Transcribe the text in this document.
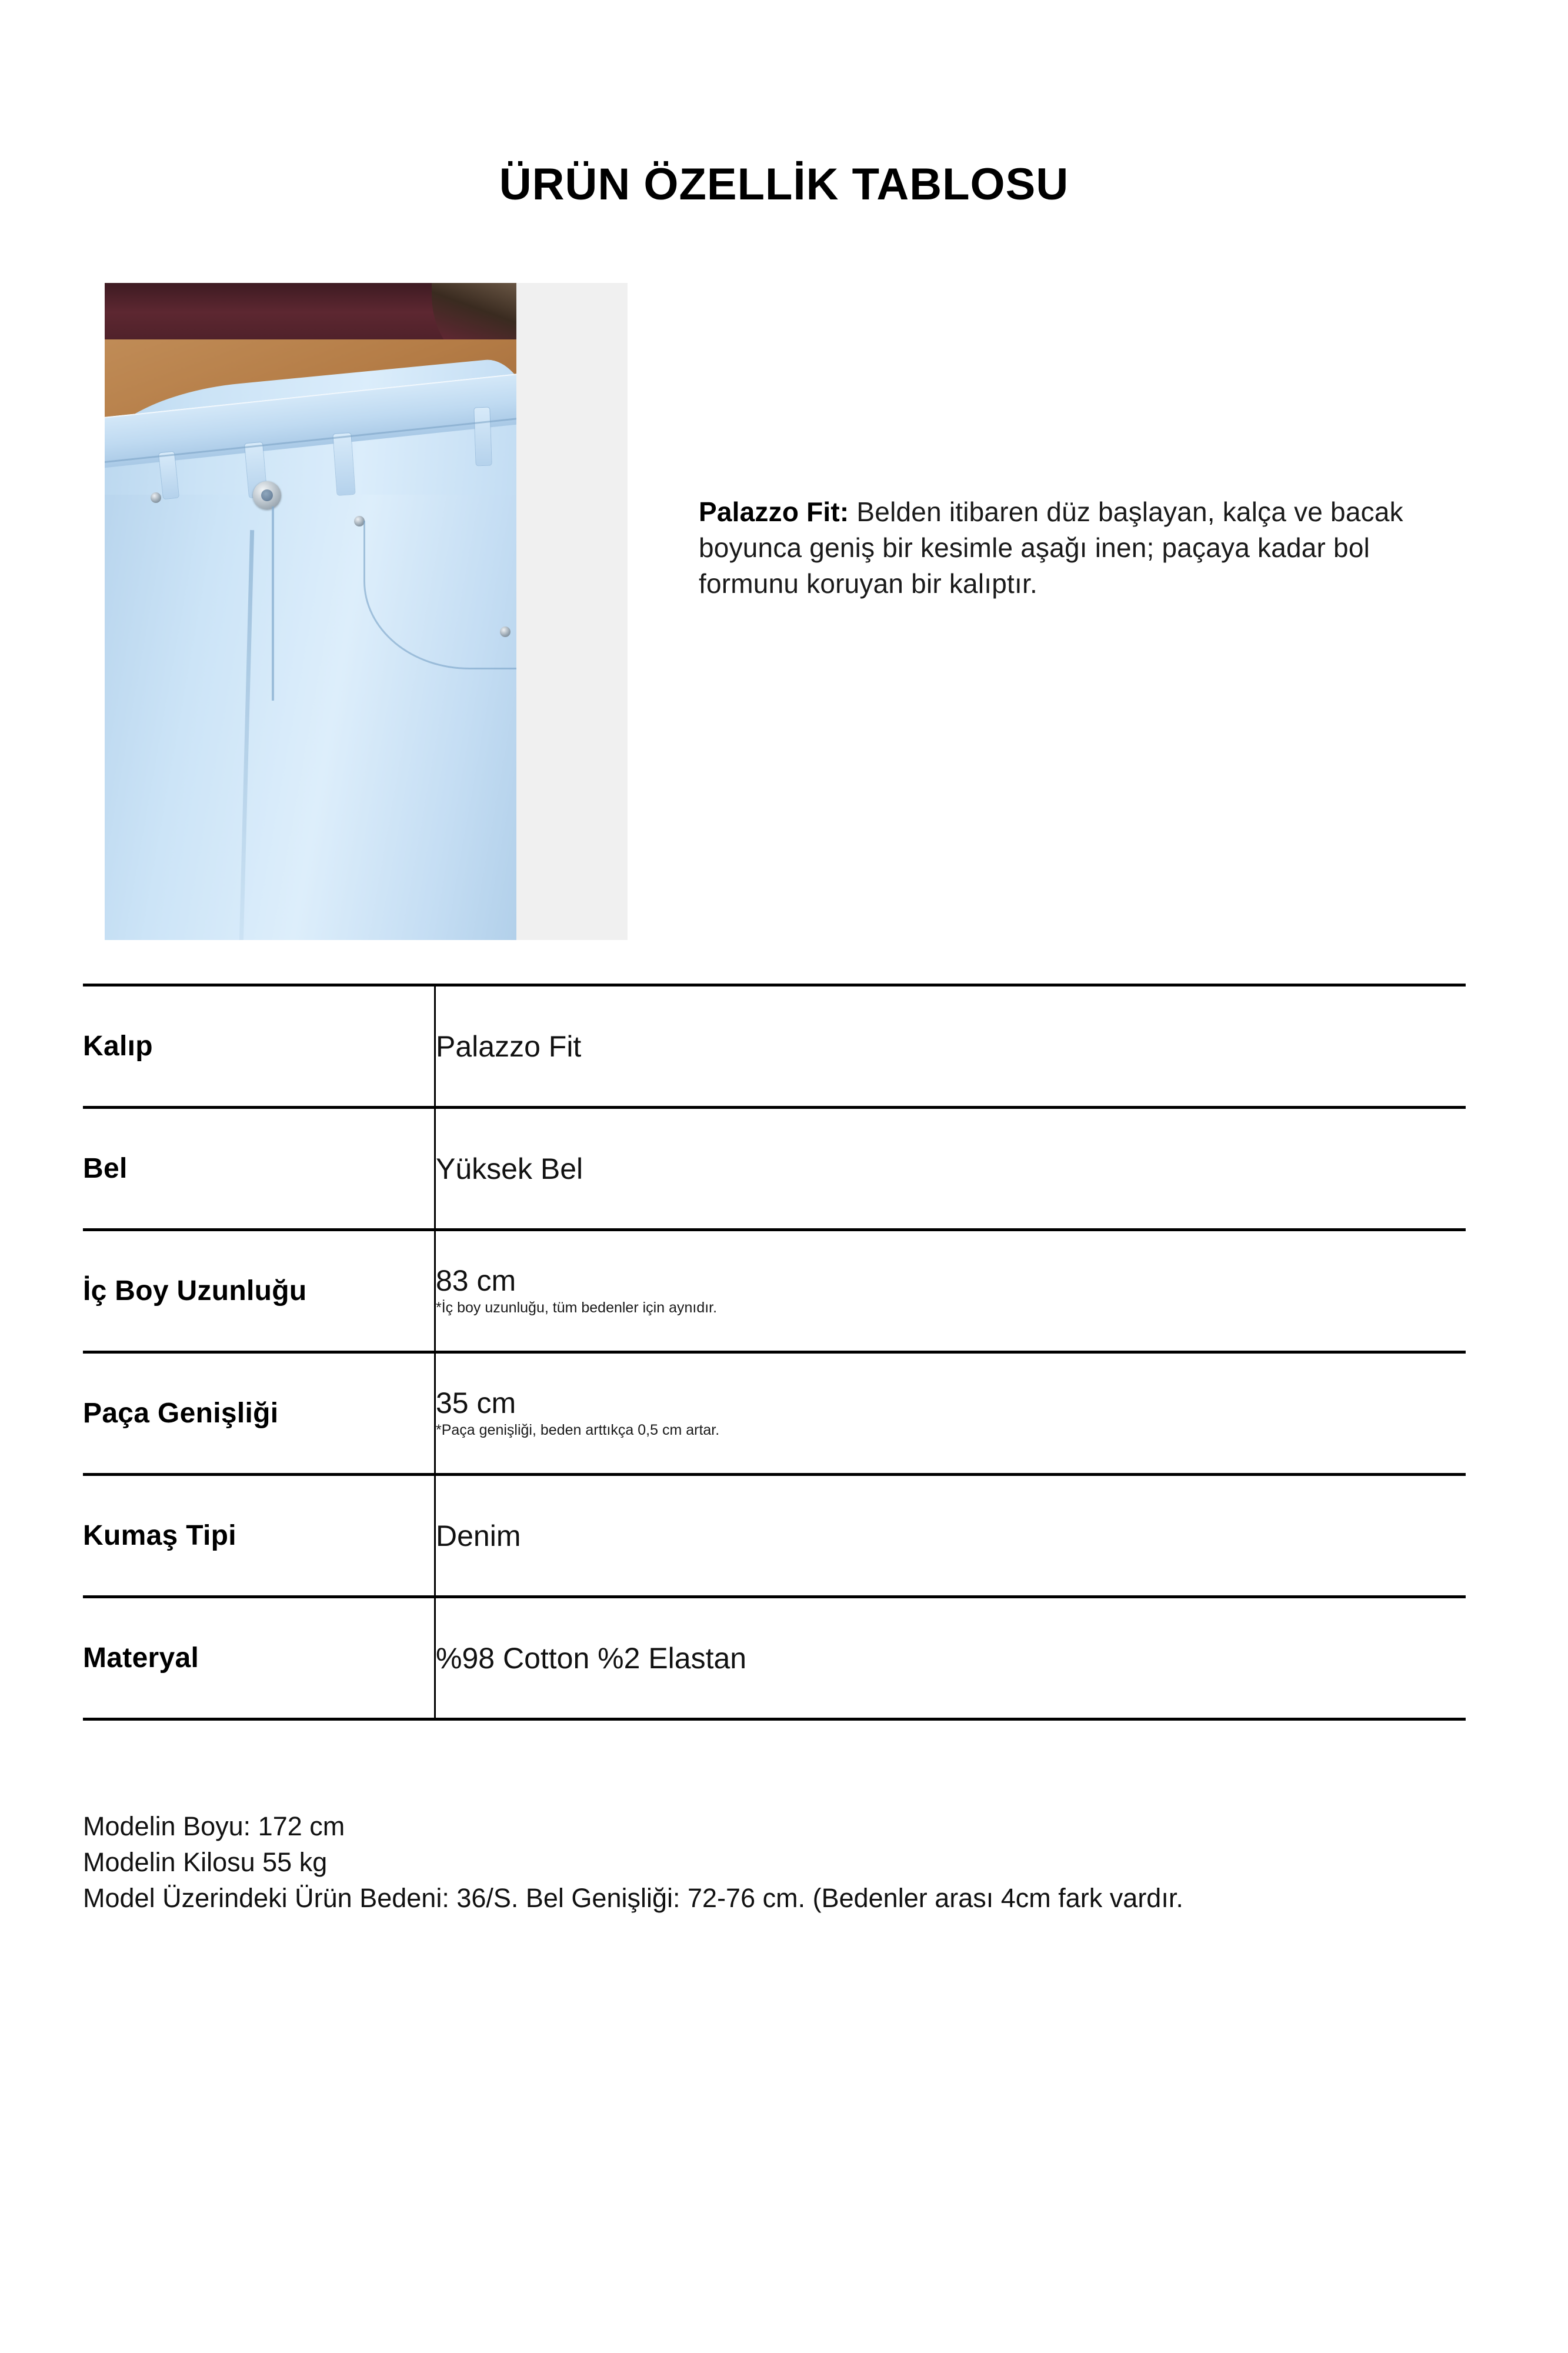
ÜRÜN ÖZELLİK TABLOSU
Palazzo Fit: Belden itibaren düz başlayan, kalça ve bacak boyunca geniş bir kesimle aşağı inen; paçaya kadar bol formunu koruyan bir kalıptır.
Kalıp	Palazzo Fit

Bel	Yüksek Bel

İç Boy Uzunluğu	83 cm
*İç boy uzunluğu, tüm bedenler için aynıdır.

Paça Genişliği	35 cm
*Paça genişliği, beden arttıkça 0,5 cm artar.

Kumaş Tipi	Denim

Materyal	%98 Cotton %2 Elastan

Modelin Boyu: 172 cm

Modelin Kilosu 55 kg

Model Üzerindeki Ürün Bedeni: 36/S. Bel Genişliği: 72-76 cm. (Bedenler arası 4cm fark vardır.
